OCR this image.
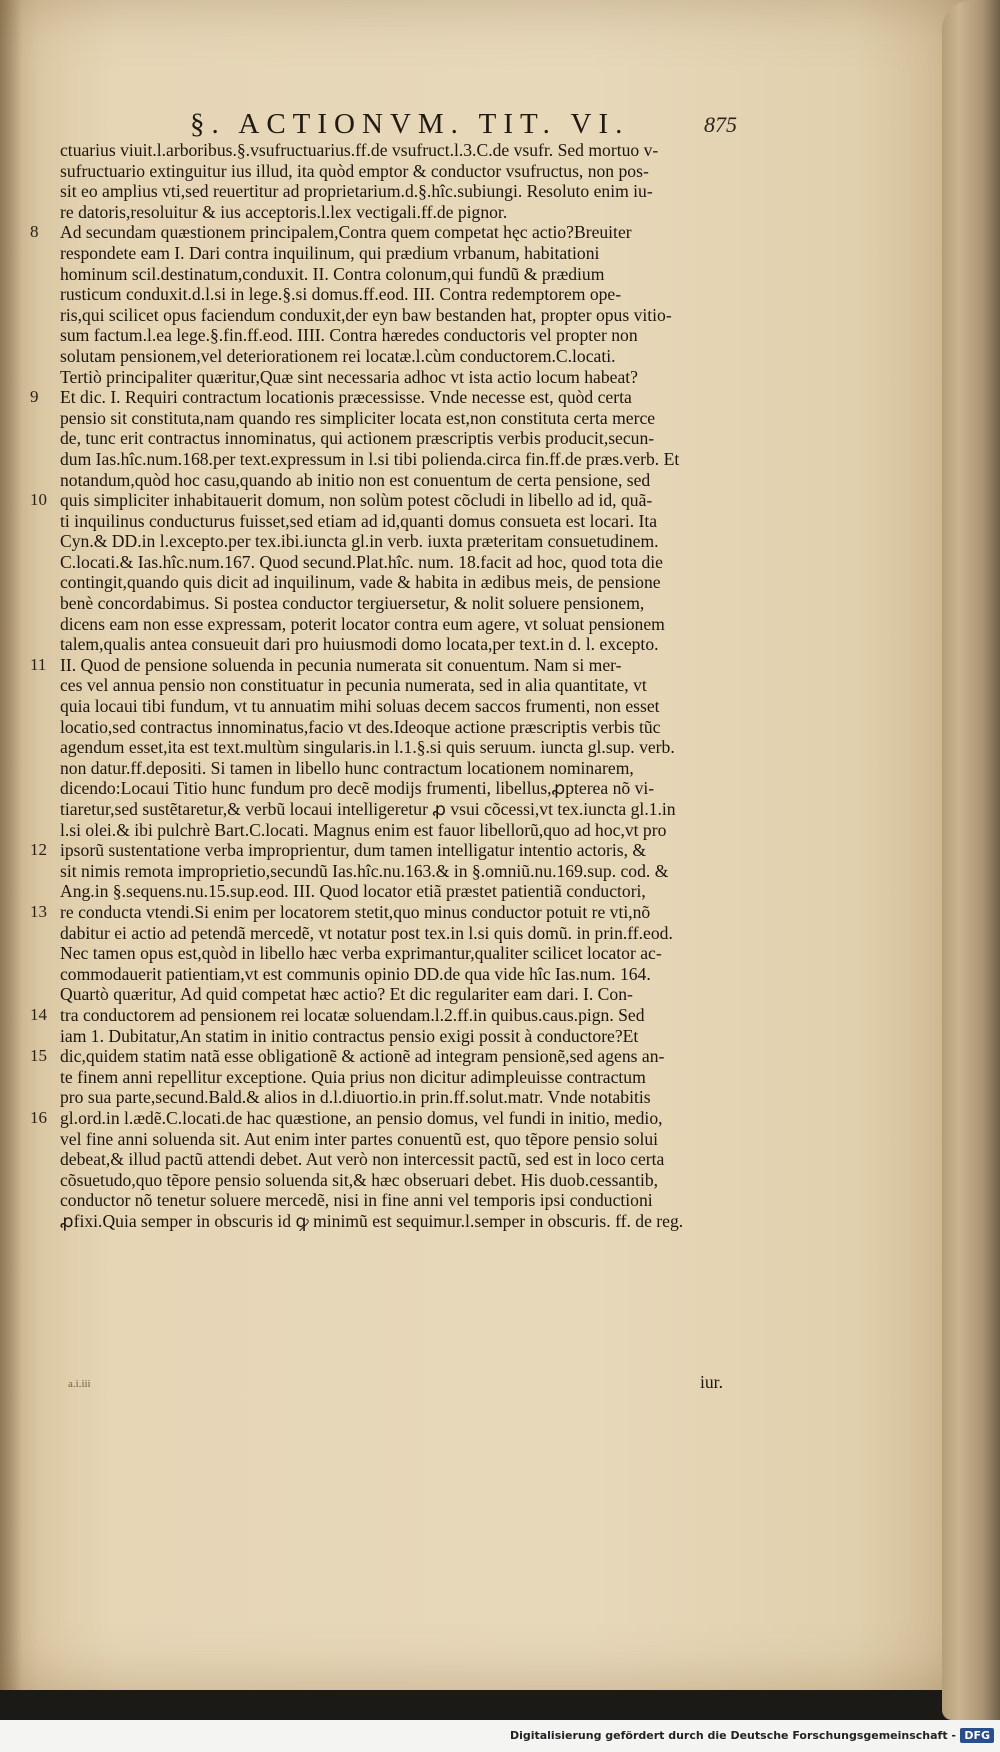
§. ACTIONVM. TIT. VI.	875
ctuarius viuit.l.arboribus.§.vsufructuarius.ff.de vsufruct.l.3.C.de vsufr. Sed mortuo v-
sufructuario extinguitur ius illud, ita quòd emptor & conductor vsufructus, non pos-
sit eo amplius vti,sed reuertitur ad proprietarium.d.§.hîc.subiungi. Resoluto enim iu-
re datoris,resoluitur & ius acceptoris.l.lex vectigali.ff.de pignor.
Ad secundam quæstionem principalem,Contra quem competat hęc actio?Breuiter
respondete eam I. Dari contra inquilinum, qui prædium vrbanum, habitationi
hominum scil.destinatum,conduxit. II. Contra colonum,qui fundũ & prædium
rusticum conduxit.d.l.si in lege.§.si domus.ff.eod. III. Contra redemptorem ope-
ris,qui scilicet opus faciendum conduxit,der eyn baw bestanden hat, propter opus vitio-
sum factum.l.ea lege.§.fin.ff.eod. IIII. Contra hæredes conductoris vel propter non
solutam pensionem,vel deteriorationem rei locatæ.l.cùm conductorem.C.locati.
Tertiò principaliter quæritur,Quæ sint necessaria adhoc vt ista actio locum habeat?
Et dic. I. Requiri contractum locationis præcessisse. Vnde necesse est, quòd certa
pensio sit constituta,nam quando res simpliciter locata est,non constituta certa merce
de, tunc erit contractus innominatus, qui actionem præscriptis verbis producit,secun-
dum Ias.hîc.num.168.per text.expressum in l.si tibi polienda.circa fin.ff.de præs.verb. Et
notandum,quòd hoc casu,quando ab initio non est conuentum de certa pensione, sed
quis simpliciter inhabitauerit domum, non solùm potest cõcludi in libello ad id, quã-
ti inquilinus conducturus fuisset,sed etiam ad id,quanti domus consueta est locari. Ita
Cyn.& DD.in l.excepto.per tex.ibi.iuncta gl.in verb. iuxta præteritam consuetudinem.
C.locati.& Ias.hîc.num.167. Quod secund.Plat.hîc. num. 18.facit ad hoc, quod tota die
contingit,quando quis dicit ad inquilinum, vade & habita in ædibus meis, de pensione
benè concordabimus. Si postea conductor tergiuersetur, & nolit soluere pensionem,
dicens eam non esse expressam, poterit locator contra eum agere, vt soluat pensionem
talem,qualis antea consueuit dari pro huiusmodi domo locata,per text.in d. l. excepto.
II. Quod de pensione soluenda in pecunia numerata sit conuentum. Nam si mer-
ces vel annua pensio non constituatur in pecunia numerata, sed in alia quantitate, vt
quia locaui tibi fundum, vt tu annuatim mihi soluas decem saccos frumenti, non esset
locatio,sed contractus innominatus,facio vt des.Ideoque actione præscriptis verbis tũc
agendum esset,ita est text.multùm singularis.in l.1.§.si quis seruum. iuncta gl.sup. verb.
non datur.ff.depositi. Si tamen in libello hunc contractum locationem nominarem,
dicendo:Locaui Titio hunc fundum pro decẽ modijs frumenti, libellus,ꝓpterea nõ vi-
tiaretur,sed sustẽtaretur,& verbũ locaui intelligeretur ꝓ vsui cõcessi,vt tex.iuncta gl.1.in
l.si olei.& ibi pulchrè Bart.C.locati. Magnus enim est fauor libellorũ,quo ad hoc,vt pro
ipsorũ sustentatione verba improprientur, dum tamen intelligatur intentio actoris, &
sit nimis remota improprietio,secundũ Ias.hîc.nu.163.& in §.omniũ.nu.169.sup. cod. &
Ang.in §.sequens.nu.15.sup.eod. III. Quod locator etiã præstet patientiã conductori,
re conducta vtendi.Si enim per locatorem stetit,quo minus conductor potuit re vti,nõ
dabitur ei actio ad petendã mercedẽ, vt notatur post tex.in l.si quis domũ. in prin.ff.eod.
Nec tamen opus est,quòd in libello hæc verba exprimantur,qualiter scilicet locator ac-
commodauerit patientiam,vt est communis opinio DD.de qua vide hîc Ias.num. 164.
Quartò quæritur, Ad quid competat hæc actio? Et dic regulariter eam dari. I. Con-
tra conductorem ad pensionem rei locatæ soluendam.l.2.ff.in quibus.caus.pign. Sed
iam 1. Dubitatur,An statim in initio contractus pensio exigi possit à conductore?Et
dic,quidem statim natã esse obligationẽ & actionẽ ad integram pensionẽ,sed agens an-
te finem anni repellitur exceptione. Quia prius non dicitur adimpleuisse contractum
pro sua parte,secund.Bald.& alios in d.l.diuortio.in prin.ff.solut.matr. Vnde notabitis
gl.ord.in l.ædẽ.C.locati.de hac quæstione, an pensio domus, vel fundi in initio, medio,
vel fine anni soluenda sit. Aut enim inter partes conuentũ est, quo tẽpore pensio solui
debeat,& illud pactũ attendi debet. Aut verò non intercessit pactũ, sed est in loco certa
cõsuetudo,quo tẽpore pensio soluenda sit,& hæc obseruari debet. His duob.cessantib,
conductor nõ tenetur soluere mercedẽ, nisi in fine anni vel temporis ipsi conductioni
ꝓfixi.Quia semper in obscuris id ꝙ minimũ est sequimur.l.semper in obscuris. ff. de reg.
iur.
a.i.iii
Digitalisierung gefördert durch die Deutsche Forschungsgemeinschaft - DFG
8
9
10
11
12
13
14
15
16
